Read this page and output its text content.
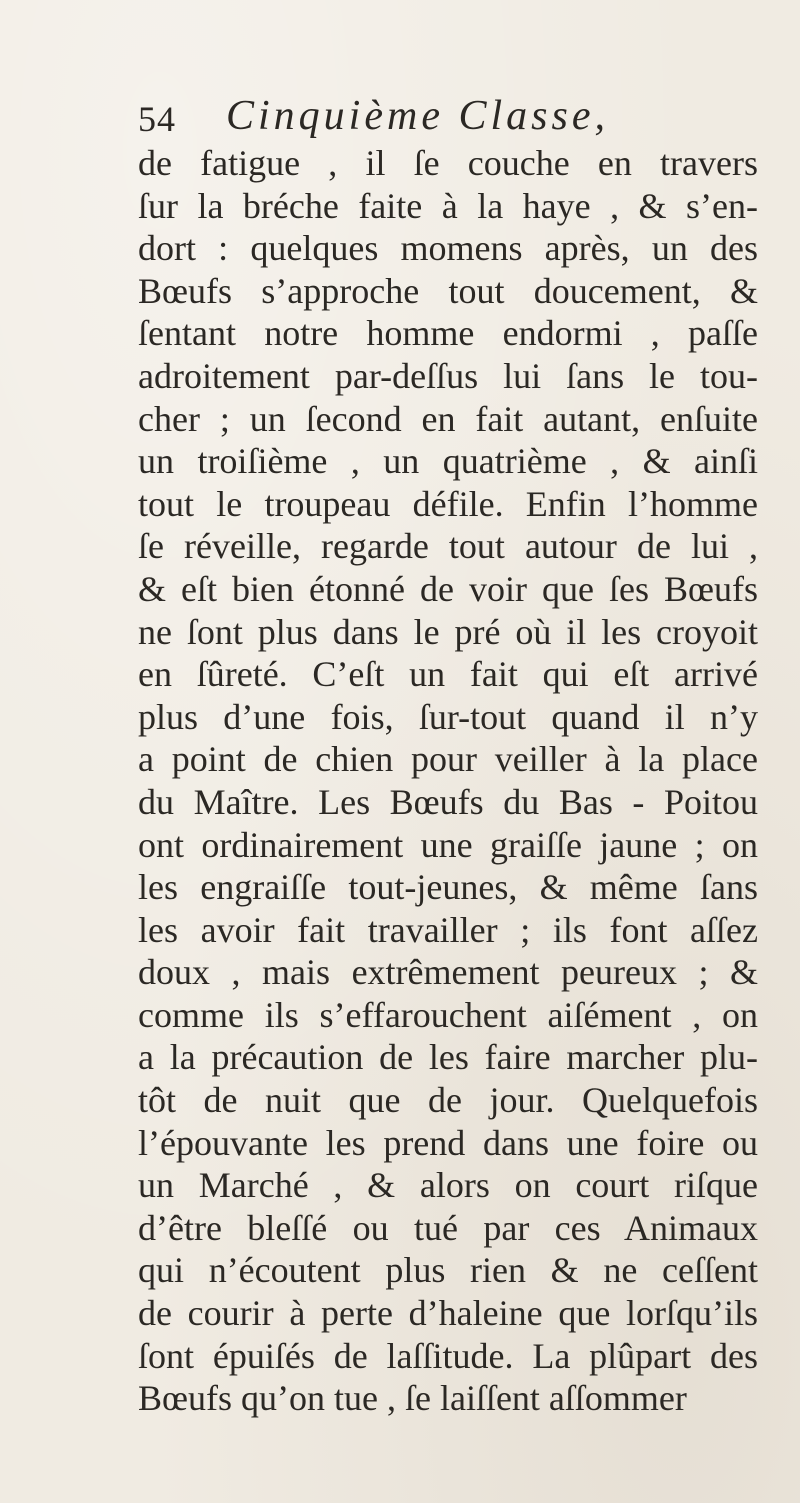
54 Cinquième Classe,
de fatigue , il ſe couche en travers
ſur la bréche faite à la haye , & s’en-
dort : quelques momens après, un des
Bœufs s’approche tout doucement, &
ſentant notre homme endormi , paſſe
adroitement par-deſſus lui ſans le tou-
cher ; un ſecond en fait autant, enſuite
un troiſième , un quatrième , & ainſi
tout le troupeau défile. Enfin l’homme
ſe réveille, regarde tout autour de lui ,
& eſt bien étonné de voir que ſes Bœufs
ne ſont plus dans le pré où il les croyoit
en ſûreté. C’eſt un fait qui eſt arrivé
plus d’une fois, ſur-tout quand il n’y
a point de chien pour veiller à la place
du Maître. Les Bœufs du Bas - Poitou
ont ordinairement une graiſſe jaune ; on
les engraiſſe tout-jeunes, & même ſans
les avoir fait travailler ; ils font aſſez
doux , mais extrêmement peureux ; &
comme ils s’effarouchent aiſément , on
a la précaution de les faire marcher plu-
tôt de nuit que de jour. Quelquefois
l’épouvante les prend dans une foire ou
un Marché , & alors on court riſque
d’être bleſſé ou tué par ces Animaux
qui n’écoutent plus rien & ne ceſſent
de courir à perte d’haleine que lorſqu’ils
ſont épuiſés de laſſitude. La plûpart des
Bœufs qu’on tue , ſe laiſſent aſſommer
